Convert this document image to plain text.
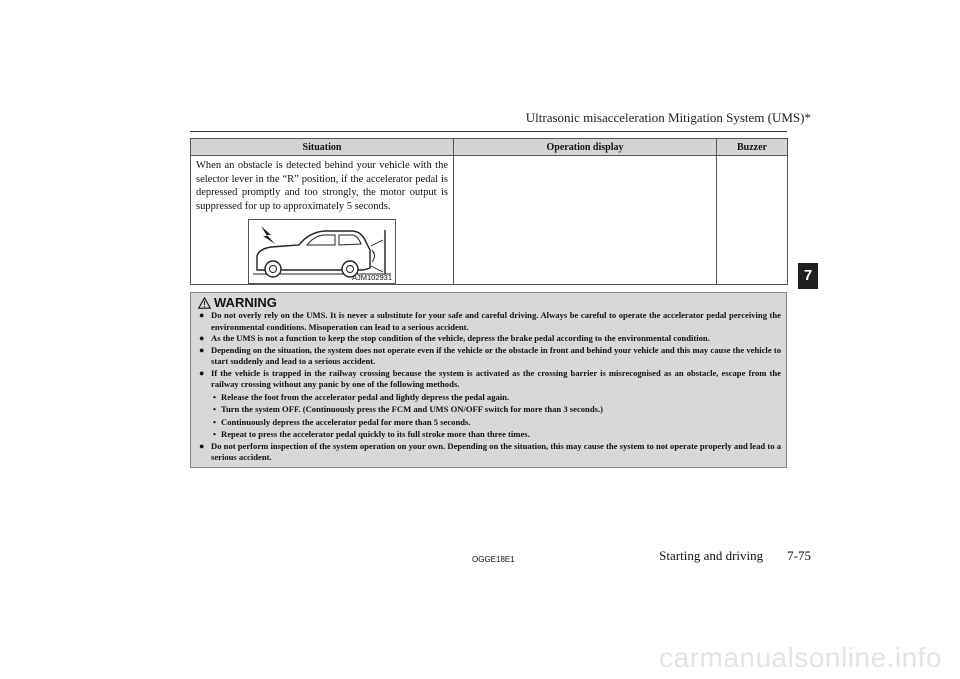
Ultrasonic misacceleration Mitigation System (UMS)*
Situation	Operation display	Buzzer

When an obstacle is detected behind your vehicle with the selector lever in the “R” position, if the accelerator pedal is depressed promptly and too strongly, the motor output is suppressed for up to approximately 5 seconds.
AJM102931		

WARNING
● Do not overly rely on the UMS. It is never a substitute for your safe and careful driving. Always be careful to operate the accelerator pedal perceiving the environmental conditions. Misoperation can lead to a serious accident.
● As the UMS is not a function to keep the stop condition of the vehicle, depress the brake pedal according to the environmental condition.
● Depending on the situation, the system does not operate even if the vehicle or the obstacle in front and behind your vehicle and this may cause the vehicle to start suddenly and lead to a serious accident.
● If the vehicle is trapped in the railway crossing because the system is activated as the crossing barrier is misrecognised as an obstacle, escape from the railway crossing without any panic by one of the following methods.
• Release the foot from the accelerator pedal and lightly depress the pedal again.
• Turn the system OFF. (Continuously press the FCM and UMS ON/OFF switch for more than 3 seconds.)
• Continuously depress the accelerator pedal for more than 5 seconds.
• Repeat to press the accelerator pedal quickly to its full stroke more than three times.
● Do not perform inspection of the system operation on your own. Depending on the situation, this may cause the system to not operate properly and lead to a serious accident.
7
OGGE18E1	Starting and driving 7-75
carmanualsonline.info
